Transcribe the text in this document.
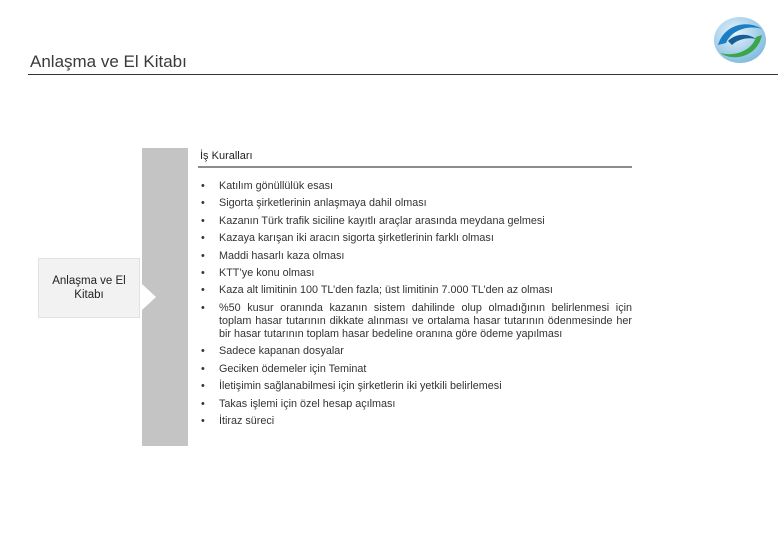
Anlaşma ve El Kitabı
Anlaşma ve El Kitabı
İş Kuralları
• Katılım gönüllülük esası
• Sigorta şirketlerinin anlaşmaya dahil olması
• Kazanın Türk trafik siciline kayıtlı araçlar arasında meydana gelmesi
• Kazaya karışan iki aracın sigorta şirketlerinin farklı olması
• Maddi hasarlı kaza olması
• KTT’ye konu olması
• Kaza alt limitinin 100 TL’den fazla; üst limitinin 7.000 TL’den az olması
• %50 kusur oranında kazanın sistem dahilinde olup olmadığının belirlenmesi için toplam hasar tutarının dikkate alınması ve ortalama hasar tutarının ödenmesinde her bir hasar tutarının toplam hasar bedeline oranına göre ödeme yapılması
• Sadece kapanan dosyalar
• Geciken ödemeler için Teminat
• İletişimin sağlanabilmesi için şirketlerin iki yetkili belirlemesi
• Takas işlemi için özel hesap açılması
• İtiraz süreci
